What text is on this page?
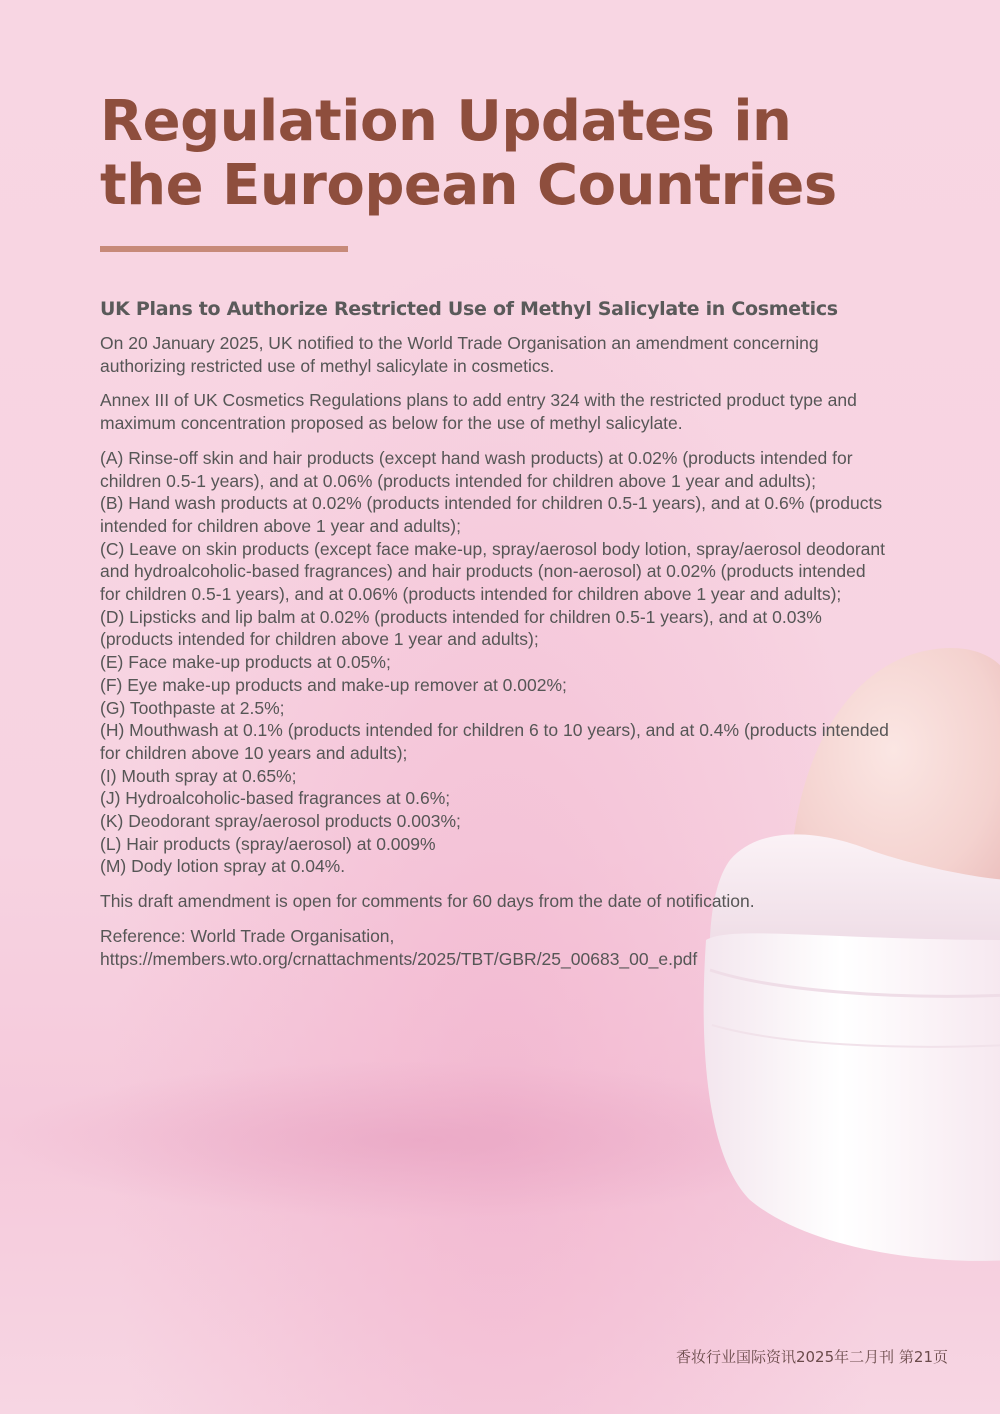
Regulation Updates in
the European Countries
UK Plans to Authorize Restricted Use of Methyl Salicylate in Cosmetics

On 20 January 2025, UK notified to the World Trade Organisation an amendment concerning authorizing restricted use of methyl salicylate in cosmetics.

Annex III of UK Cosmetics Regulations plans to add entry 324 with the restricted product type and maximum concentration proposed as below for the use of methyl salicylate.

(A) Rinse-off skin and hair products (except hand wash products) at 0.02% (products intended for children 0.5-1 years), and at 0.06% (products intended for children above 1 year and adults);
(B) Hand wash products at 0.02% (products intended for children 0.5-1 years), and at 0.6% (products intended for children above 1 year and adults);
(C) Leave on skin products (except face make-up, spray/aerosol body lotion, spray/aerosol deodorant and hydroalcoholic-based fragrances) and hair products (non-aerosol) at 0.02% (products intended for children 0.5-1 years), and at 0.06% (products intended for children above 1 year and adults);
(D) Lipsticks and lip balm at 0.02% (products intended for children 0.5-1 years), and at 0.03% (products intended for children above 1 year and adults);
(E) Face make-up products at 0.05%;
(F) Eye make-up products and make-up remover at 0.002%;
(G) Toothpaste at 2.5%;
(H) Mouthwash at 0.1% (products intended for children 6 to 10 years), and at 0.4% (products intended for children above 10 years and adults);
(I) Mouth spray at 0.65%;
(J) Hydroalcoholic-based fragrances at 0.6%;
(K) Deodorant spray/aerosol products 0.003%;
(L) Hair products (spray/aerosol) at 0.009%
(M) Dody lotion spray at 0.04%.

This draft amendment is open for comments for 60 days from the date of notification.

Reference: World Trade Organisation,
https://members.wto.org/crnattachments/2025/TBT/GBR/25_00683_00_e.pdf

香妆行业国际资讯2025年二月刊 第21页
